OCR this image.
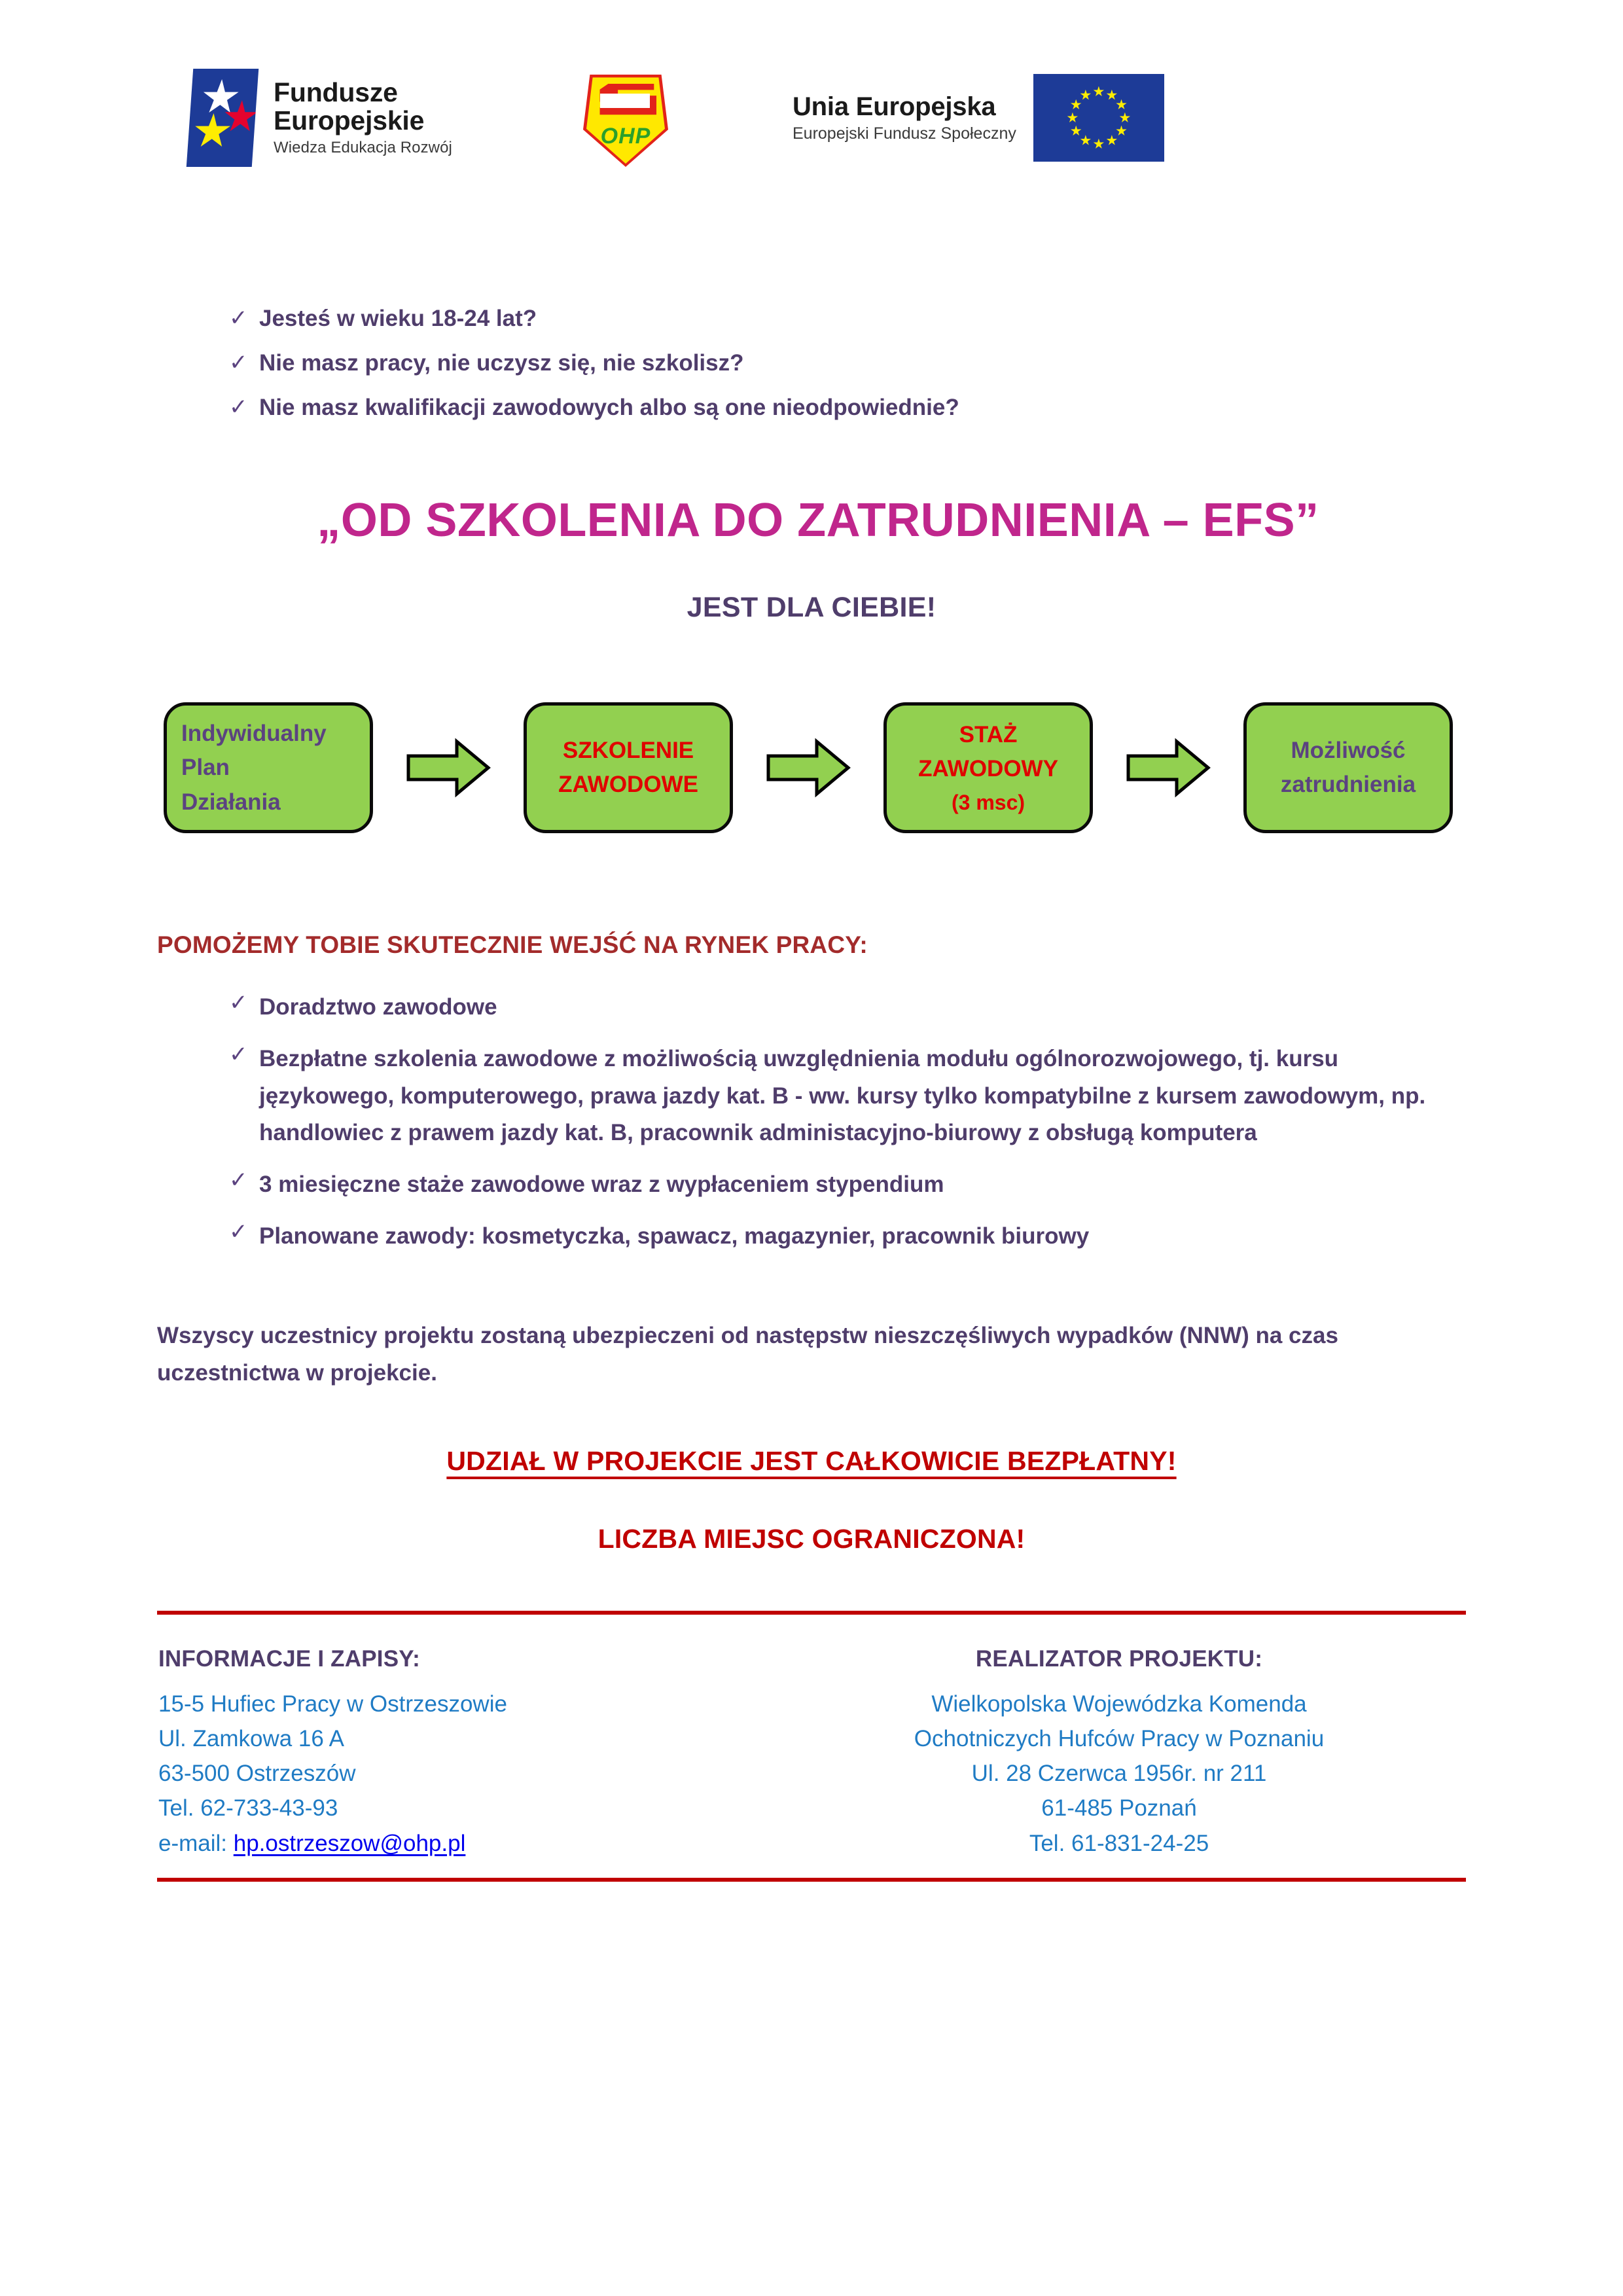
Fundusze
Europejskie
Wiedza Edukacja Rozwój	OHP
Unia Europejska
Europejski Fundusz Społeczny
✓ Jesteś w wieku 18-24 lat?
✓ Nie masz pracy, nie uczysz się, nie szkolisz?
✓ Nie masz kwalifikacji zawodowych albo są one nieodpowiednie?
„OD SZKOLENIA DO ZATRUDNIENIA – EFS”
JEST DLA CIEBIE!
Indywidualny
Plan
Działania
SZKOLENIE
ZAWODOWE
STAŻ
ZAWODOWY
(3 msc)
Możliwość
zatrudnienia
POMOŻEMY TOBIE SKUTECZNIE WEJŚĆ NA RYNEK PRACY:
✓ Doradztwo zawodowe
✓ Bezpłatne szkolenia zawodowe z możliwością uwzględnienia modułu ogólnorozwojowego, tj. kursu językowego, komputerowego, prawa jazdy kat. B - ww. kursy tylko kompatybilne z kursem zawodowym, np. handlowiec z prawem jazdy kat. B, pracownik administacyjno-biurowy z obsługą komputera
✓ 3 miesięczne staże zawodowe wraz z wypłaceniem stypendium
✓ Planowane zawody: kosmetyczka, spawacz, magazynier, pracownik biurowy
Wszyscy uczestnicy projektu zostaną ubezpieczeni od następstw nieszczęśliwych wypadków (NNW) na czas uczestnictwa w projekcie.
UDZIAŁ W PROJEKCIE JEST CAŁKOWICIE BEZPŁATNY!
LICZBA MIEJSC OGRANICZONA!
INFORMACJE I ZAPISY:
15-5 Hufiec Pracy w Ostrzeszowie
Ul. Zamkowa 16 A
63-500 Ostrzeszów
Tel. 62-733-43-93
e-mail: hp.ostrzeszow@ohp.pl
REALIZATOR PROJEKTU:
Wielkopolska Wojewódzka Komenda
Ochotniczych Hufców Pracy w Poznaniu
Ul. 28 Czerwca 1956r. nr 211
61-485 Poznań
Tel. 61-831-24-25
